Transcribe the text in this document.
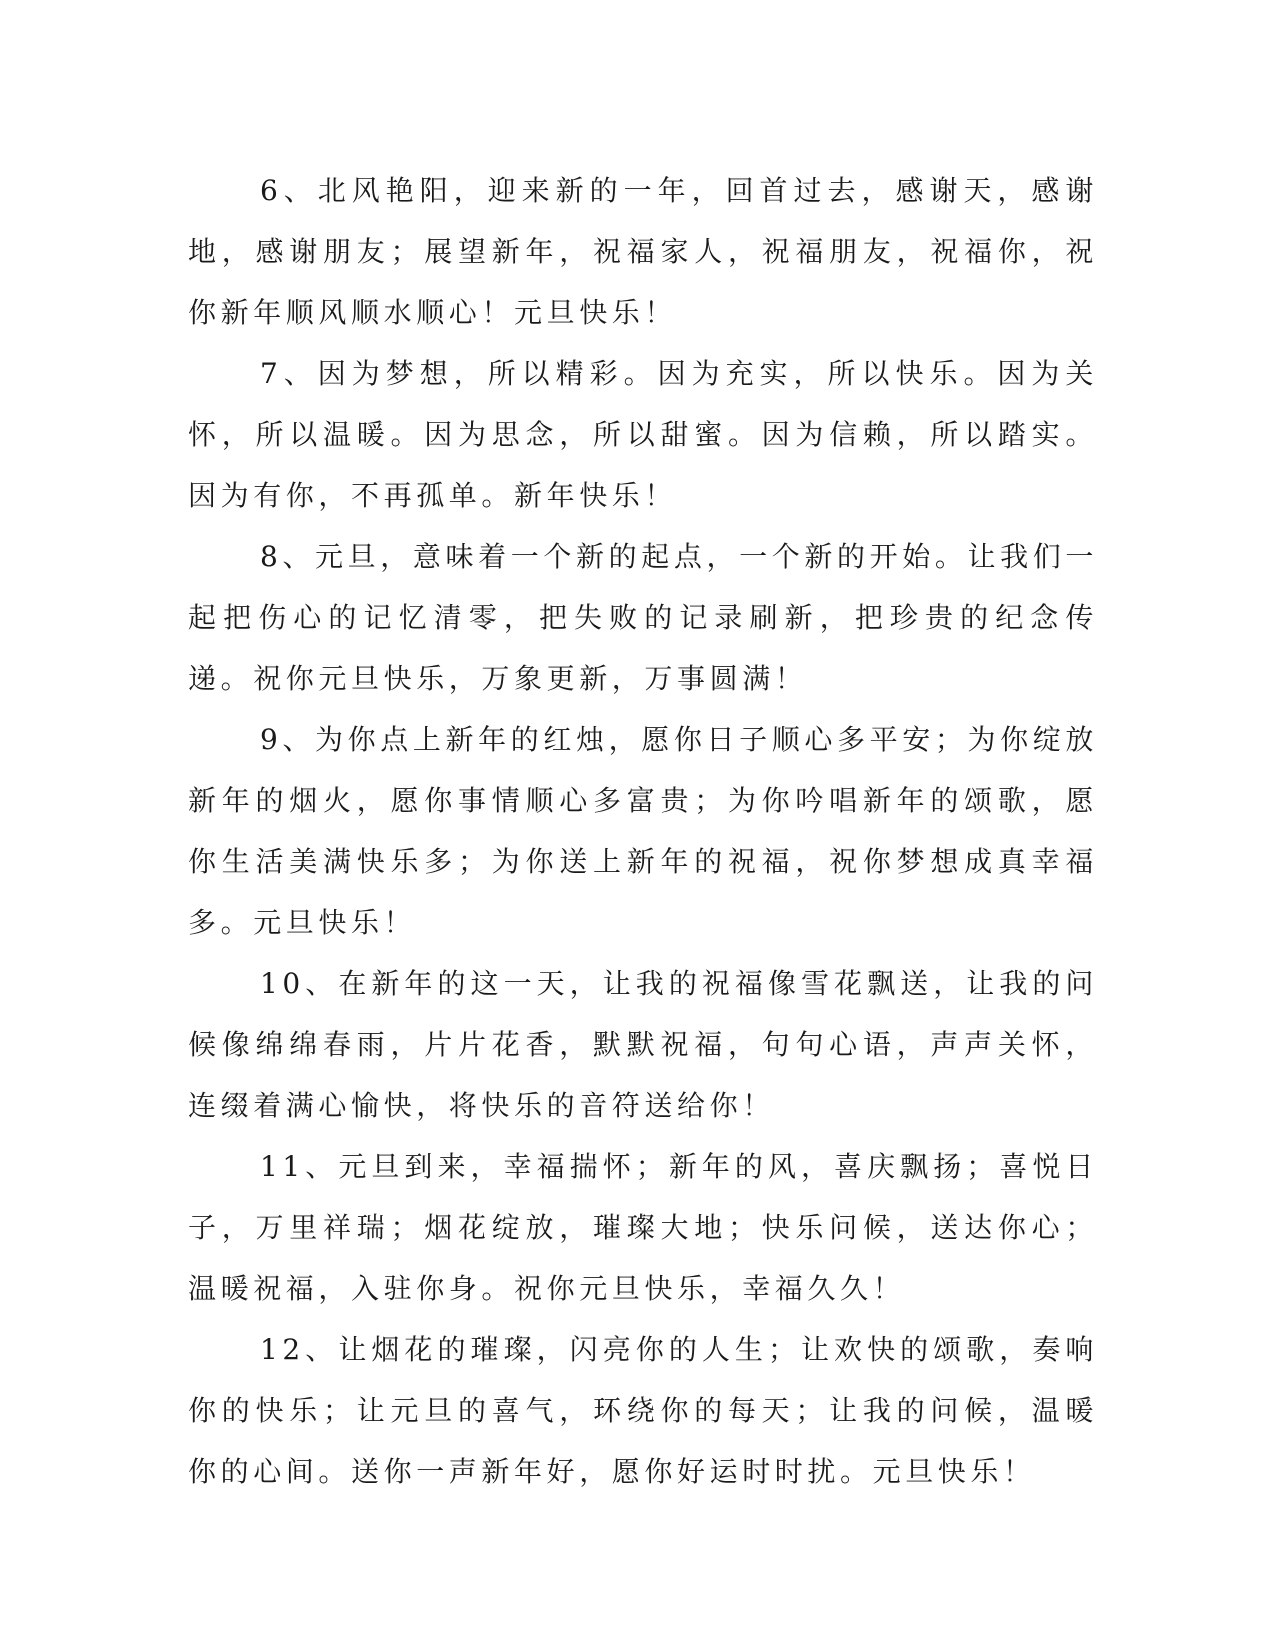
6、北风艳阳，迎来新的一年，回首过去，感谢天，感谢地，感谢朋友；展望新年，祝福家人，祝福朋友，祝福你，祝你新年顺风顺水顺心！元旦快乐！

7、因为梦想，所以精彩。因为充实，所以快乐。因为关怀，所以温暖。因为思念，所以甜蜜。因为信赖，所以踏实。因为有你，不再孤单。新年快乐！

8、元旦，意味着一个新的起点，一个新的开始。让我们一起把伤心的记忆清零，把失败的记录刷新，把珍贵的纪念传递。祝你元旦快乐，万象更新，万事圆满！

9、为你点上新年的红烛，愿你日子顺心多平安；为你绽放新年的烟火，愿你事情顺心多富贵；为你吟唱新年的颂歌，愿你生活美满快乐多；为你送上新年的祝福，祝你梦想成真幸福多。元旦快乐！

10、在新年的这一天，让我的祝福像雪花飘送，让我的问候像绵绵春雨，片片花香，默默祝福，句句心语，声声关怀，连缀着满心愉快，将快乐的音符送给你！

11、元旦到来，幸福揣怀；新年的风，喜庆飘扬；喜悦日子，万里祥瑞；烟花绽放，璀璨大地；快乐问候，送达你心；温暖祝福，入驻你身。祝你元旦快乐，幸福久久！

12、让烟花的璀璨，闪亮你的人生；让欢快的颂歌，奏响你的快乐；让元旦的喜气，环绕你的每天；让我的问候，温暖你的心间。送你一声新年好，愿你好运时时扰。元旦快乐！
